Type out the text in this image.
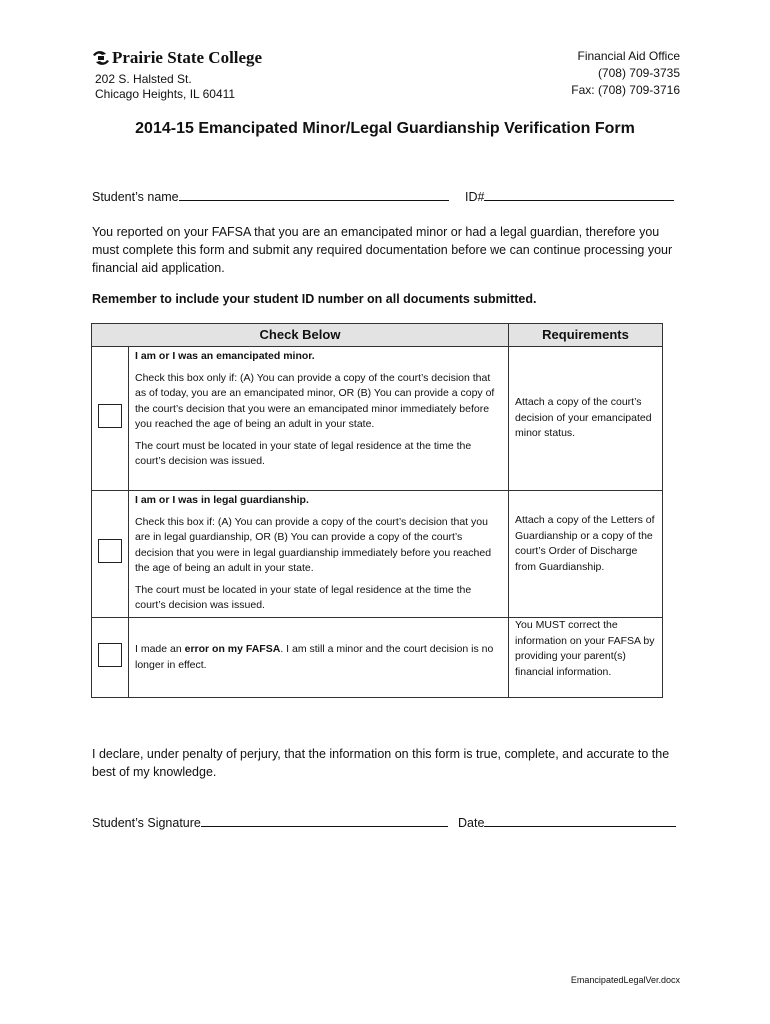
Prairie State College
202 S. Halsted St.
Chicago Heights, IL 60411
Financial Aid Office
(708) 709-3735
Fax: (708) 709-3716
2014-15 Emancipated Minor/Legal Guardianship Verification Form
Student’s name	ID#
You reported on your FAFSA that you are an emancipated minor or had a legal guardian, therefore you must complete this form and submit any required documentation before we can continue processing your financial aid application.
Remember to include your student ID number on all documents submitted.
Check Below		Requirements

	I am or I was an emancipated minor.
Check this box only if: (A) You can provide a copy of the court’s decision that as of today, you are an emancipated minor, OR (B) You can provide a copy of the court’s decision that you were an emancipated minor immediately before you reached the age of being an adult in your state.
The court must be located in your state of legal residence at the time the court’s decision was issued.	Attach a copy of the court’s decision of your emancipated minor status.

	I am or I was in legal guardianship.
Check this box if: (A) You can provide a copy of the court’s decision that you are in legal guardianship, OR (B) You can provide a copy of the court’s decision that you were in legal guardianship immediately before you reached the age of being an adult in your state.
The court must be located in your state of legal residence at the time the court’s decision was issued.	Attach a copy of the Letters of Guardianship or a copy of the court’s Order of Discharge from Guardianship.
	I made an error on my FAFSA. I am still a minor and the court decision is no longer in effect.	You MUST correct the information on your FAFSA by providing your parent(s) financial information.
I declare, under penalty of perjury, that the information on this form is true, complete, and accurate to the best of my knowledge.
Student’s Signature	Date
EmancipatedLegalVer.docx
